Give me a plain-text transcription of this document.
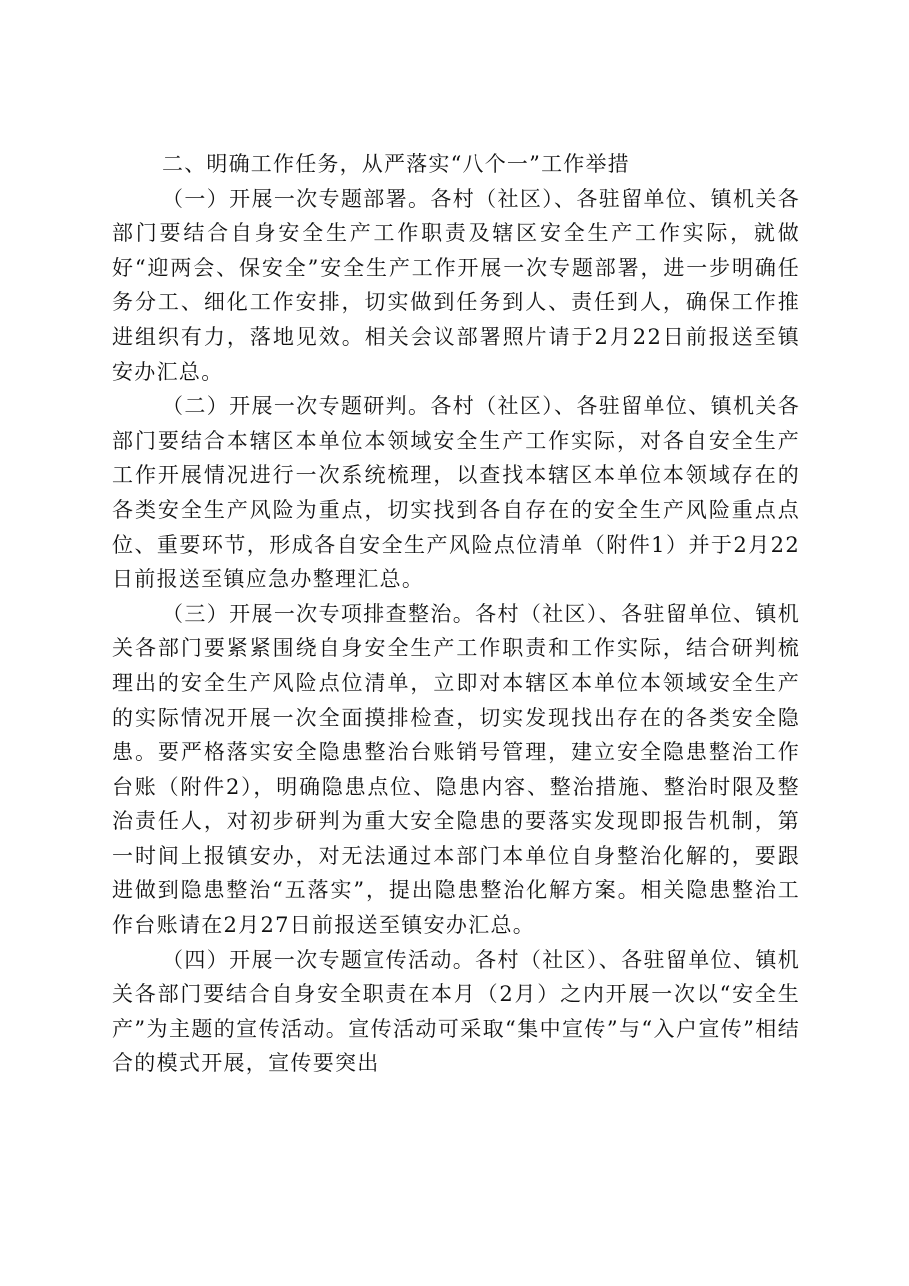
二、明确工作任务，从严落实“八个一”工作举措

（一）开展一次专题部署。各村（社区）、各驻留单位、镇机关各部门要结合自身安全生产工作职责及辖区安全生产工作实际，就做好“迎两会、保安全”安全生产工作开展一次专题部署，进一步明确任务分工、细化工作安排，切实做到任务到人、责任到人，确保工作推进组织有力，落地见效。相关会议部署照片请于2月22日前报送至镇安办汇总。

（二）开展一次专题研判。各村（社区）、各驻留单位、镇机关各部门要结合本辖区本单位本领域安全生产工作实际，对各自安全生产工作开展情况进行一次系统梳理，以查找本辖区本单位本领域存在的各类安全生产风险为重点，切实找到各自存在的安全生产风险重点点位、重要环节，形成各自安全生产风险点位清单（附件1）并于2月22日前报送至镇应急办整理汇总。

（三）开展一次专项排查整治。各村（社区）、各驻留单位、镇机关各部门要紧紧围绕自身安全生产工作职责和工作实际，结合研判梳理出的安全生产风险点位清单，立即对本辖区本单位本领域安全生产的实际情况开展一次全面摸排检查，切实发现找出存在的各类安全隐患。要严格落实安全隐患整治台账销号管理，建立安全隐患整治工作台账（附件2），明确隐患点位、隐患内容、整治措施、整治时限及整治责任人，对初步研判为重大安全隐患的要落实发现即报告机制，第一时间上报镇安办，对无法通过本部门本单位自身整治化解的，要跟进做到隐患整治“五落实”，提出隐患整治化解方案。相关隐患整治工作台账请在2月27日前报送至镇安办汇总。

（四）开展一次专题宣传活动。各村（社区）、各驻留单位、镇机关各部门要结合自身安全职责在本月（2月）之内开展一次以“安全生产”为主题的宣传活动。宣传活动可采取“集中宣传”与“入户宣传”相结合的模式开展，宣传要突出
